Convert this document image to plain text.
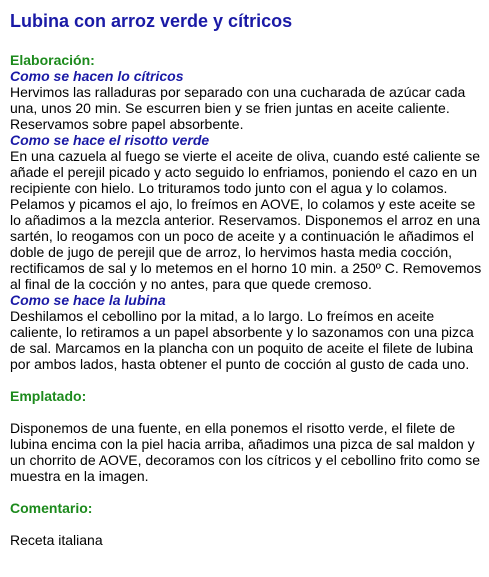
Lubina con arroz verde y cítricos

Elaboración:

Como se hacen lo cítricos

Hervimos las ralladuras por separado con una cucharada de azúcar cada una, unos 20 min. Se escurren bien y se frien juntas en aceite caliente. Reservamos sobre papel absorbente.

Como se hace el risotto verde

En una cazuela al fuego se vierte el aceite de oliva, cuando esté caliente se añade el perejil picado y acto seguido lo enfriamos, poniendo el cazo en un recipiente con hielo. Lo trituramos todo junto con el agua y lo colamos. Pelamos y picamos el ajo, lo freímos en AOVE, lo colamos y este aceite se lo añadimos a la mezcla anterior. Reservamos. Disponemos el arroz en una sartén, lo reogamos con un poco de aceite y a continuación le añadimos el doble de jugo de perejil que de arroz, lo hervimos hasta media cocción, rectificamos de sal y lo metemos en el horno 10 min. a 250º C. Removemos al final de la cocción y no antes, para que quede cremoso.

Como se hace la lubina

Deshilamos el cebollino por la mitad, a lo largo. Lo freímos en aceite caliente, lo retiramos a un papel absorbente y lo sazonamos con una pizca de sal. Marcamos en la plancha con un poquito de aceite el filete de lubina por ambos lados, hasta obtener el punto de cocción al gusto de cada uno.

Emplatado:

Disponemos de una fuente, en ella ponemos el risotto verde, el filete de lubina encima con la piel hacia arriba, añadimos una pizca de sal maldon y un chorrito de AOVE, decoramos con los cítricos y el cebollino frito como se muestra en la imagen.

Comentario:

Receta italiana
